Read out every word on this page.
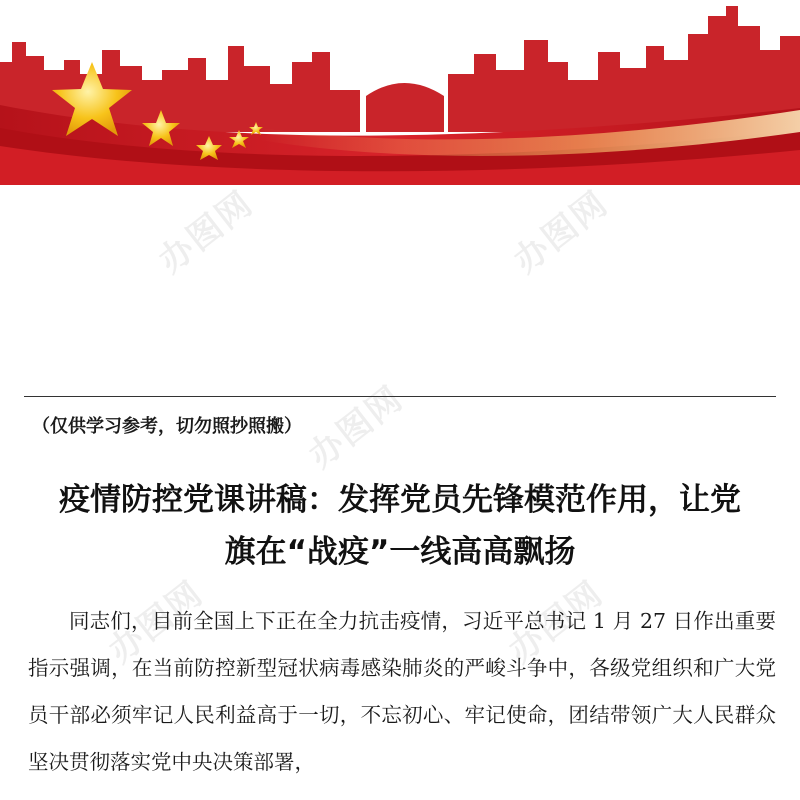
办图网	办图网
办图网
办图网	办图网
（仅供学习参考，切勿照抄照搬）
疫情防控党课讲稿：发挥党员先锋模范作用，让党
旗在“战疫”一线高高飘扬
同志们，目前全国上下正在全力抗击疫情，习近平总书记 1 月 27 日作出重要指示强调，在当前防控新型冠状病毒感染肺炎的严峻斗争中，各级党组织和广大党员干部必须牢记人民利益高于一切，不忘初心、牢记使命，团结带领广大人民群众坚决贯彻落实党中央决策部署，
